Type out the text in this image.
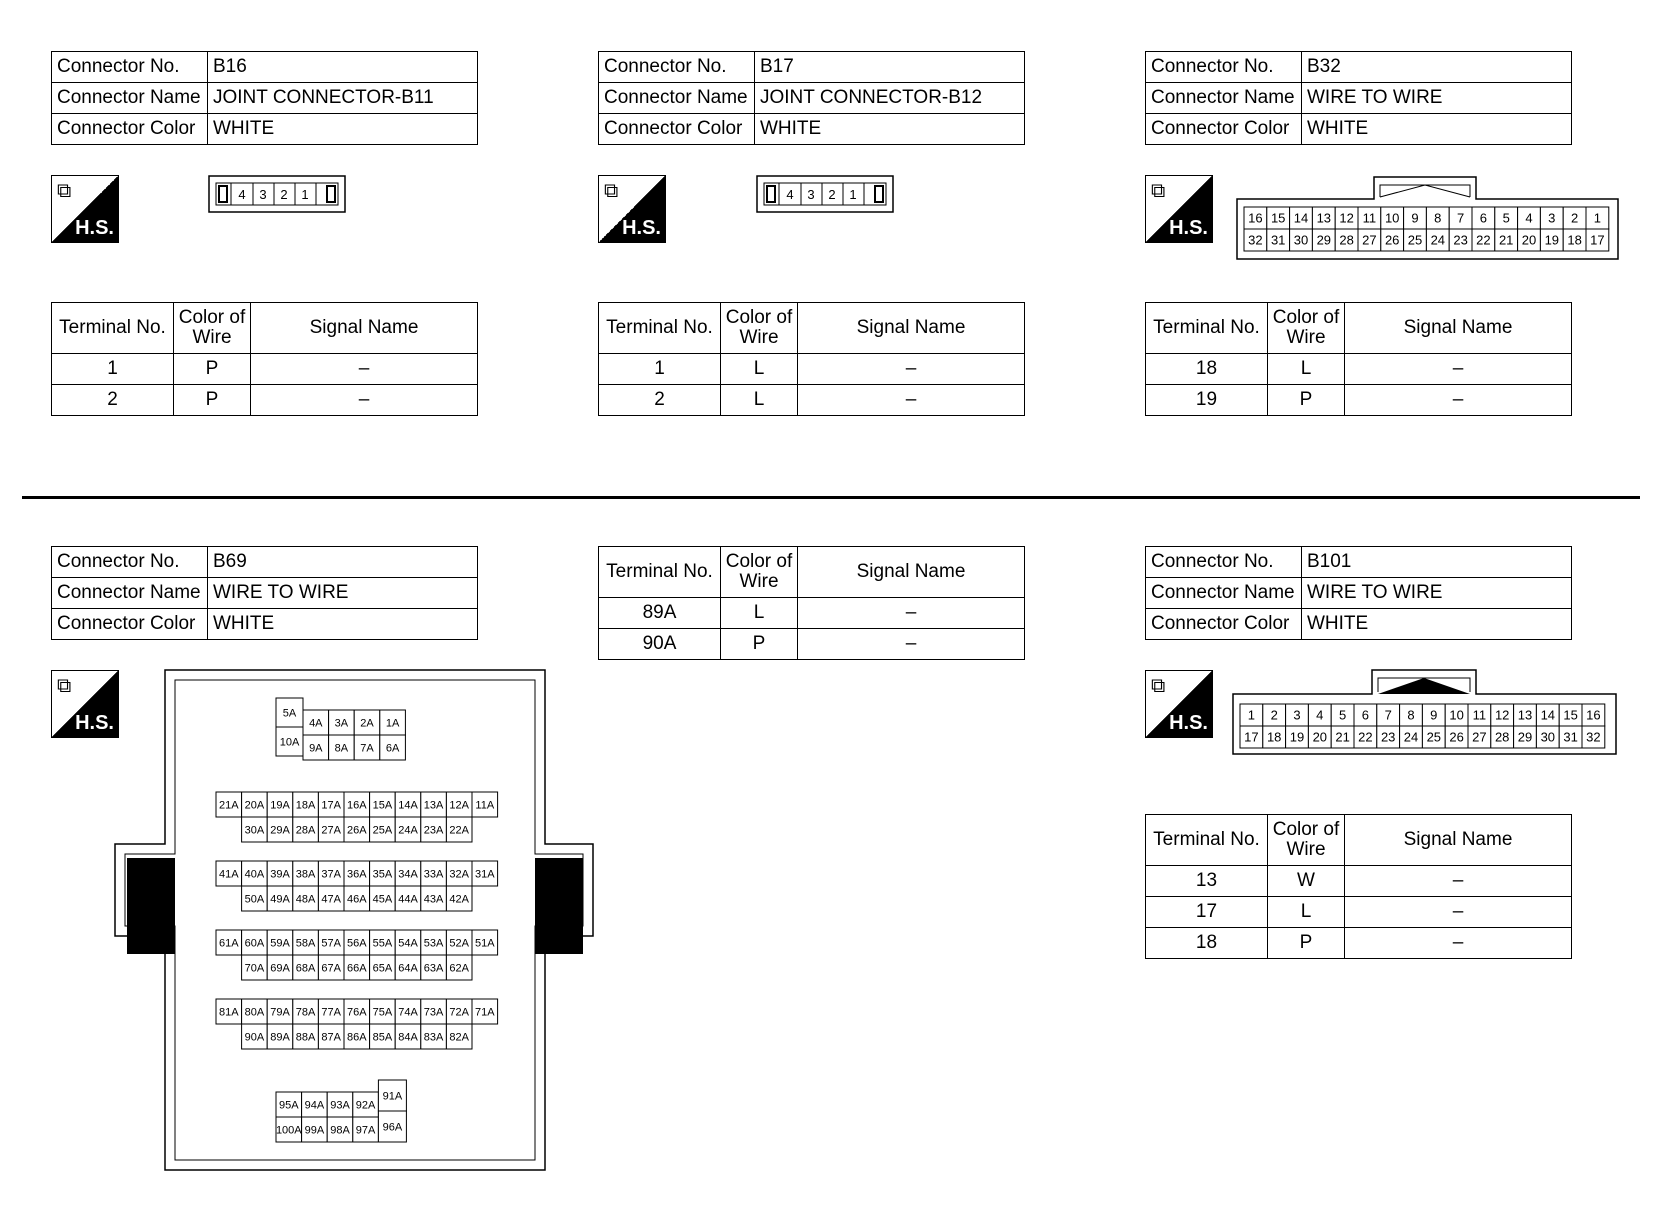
Connector No.	B16
Connector Name	JOINT CONNECTOR-B11
Connector Color	WHITE
⧉
H.S.
4 3 2 1
Terminal No.	Color of
Wire	Signal Name
1	P	–
2	P	–
Connector No.	B17
Connector Name	JOINT CONNECTOR-B12
Connector Color	WHITE
⧉
H.S.
4 3 2 1
Terminal No.	Color of
Wire	Signal Name
1	L	–
2	L	–
Connector No.	B32
Connector Name	WIRE TO WIRE
Connector Color	WHITE
⧉
H.S.	16 15 14 13 12 11 10 9 8 7 6 5 4 3 2 1
32 31 30 29 28 27 26 25 24 23 22 21 20 19 18 17
Terminal No.	Color of
Wire	Signal Name
18	L	–
19	P	–
Connector No.	B69
Connector Name	WIRE TO WIRE
Connector Color	WHITE
⧉
H.S.	5A
10A
4A
9A
3A
8A
2A
7A
1A
6A
21A 20A 19A 18A 17A 16A 15A 14A 13A 12A 11A
30A 29A 28A 27A 26A 25A 24A 23A 22A
41A 40A 39A 38A 37A 36A 35A 34A 33A 32A 31A
50A 49A 48A 47A 46A 45A 44A 43A 42A
61A 60A 59A 58A 57A 56A 55A 54A 53A 52A 51A
70A 69A 68A 67A 66A 65A 64A 63A 62A
81A 80A 79A 78A 77A 76A 75A 74A 73A 72A 71A
90A 89A 88A 87A 86A 85A 84A 83A 82A
95A
100A
94A
99A
93A
98A
92A
97A
91A
96A
Terminal No.	Color of
Wire	Signal Name
89A	L	–
90A	P	–
Connector No.	B101
Connector Name	WIRE TO WIRE
Connector Color	WHITE
⧉
H.S.	1 2 3 4 5 6 7 8 9 10 11 12 13 14 15 16
17 18 19 20 21 22 23 24 25 26 27 28 29 30 31 32
Terminal No.	Color of
Wire	Signal Name
13	W	–
17	L	–
18	P	–
